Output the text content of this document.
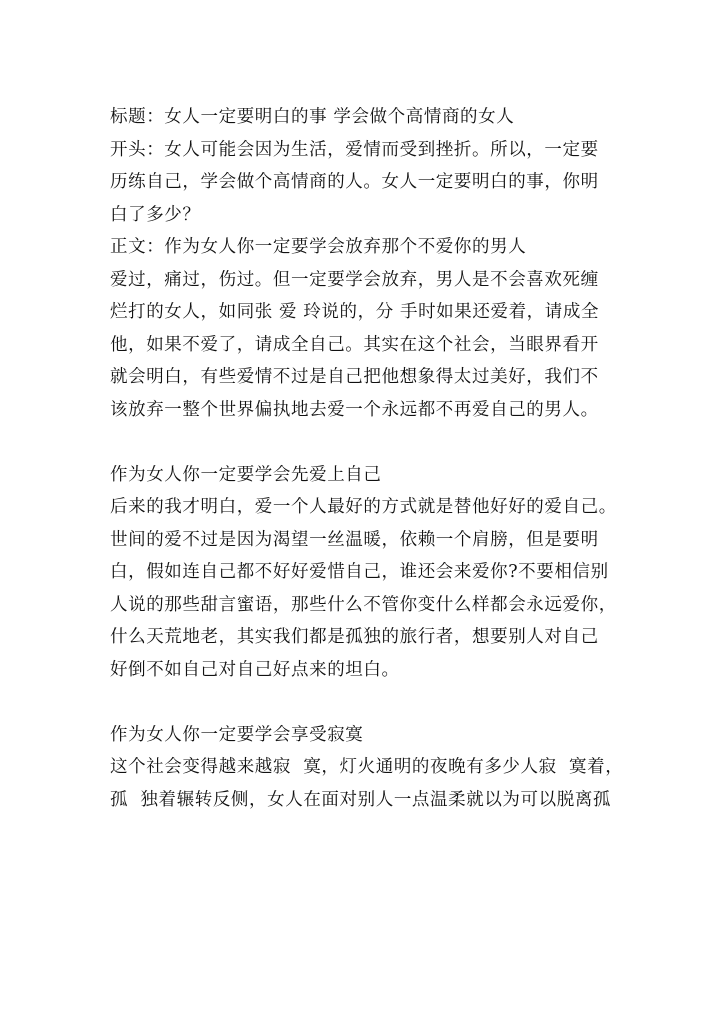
标题：女人一定要明白的事 学会做个高情商的女人
开头：女人可能会因为生活，爱情而受到挫折。所以，一定要
历练自己，学会做个高情商的人。女人一定要明白的事，你明
白了多少？
正文：作为女人你一定要学会放弃那个不爱你的男人
爱过，痛过，伤过。但一定要学会放弃，男人是不会喜欢死缠
烂打的女人，如同张 爱 玲说的，分 手时如果还爱着，请成全
他，如果不爱了，请成全自己。其实在这个社会，当眼界看开
就会明白，有些爱情不过是自己把他想象得太过美好，我们不
该放弃一整个世界偏执地去爱一个永远都不再爱自己的男人。
作为女人你一定要学会先爱上自己
后来的我才明白，爱一个人最好的方式就是替他好好的爱自己。
世间的爱不过是因为渴望一丝温暖，依赖一个肩膀，但是要明
白，假如连自己都不好好爱惜自己，谁还会来爱你?不要相信别
人说的那些甜言蜜语，那些什么不管你变什么样都会永远爱你，
什么天荒地老，其实我们都是孤独的旅行者，想要别人对自己
好倒不如自己对自己好点来的坦白。
作为女人你一定要学会享受寂寞
这个社会变得越来越寂  寞，灯火通明的夜晚有多少人寂  寞着，
孤  独着辗转反侧，女人在面对别人一点温柔就以为可以脱离孤
